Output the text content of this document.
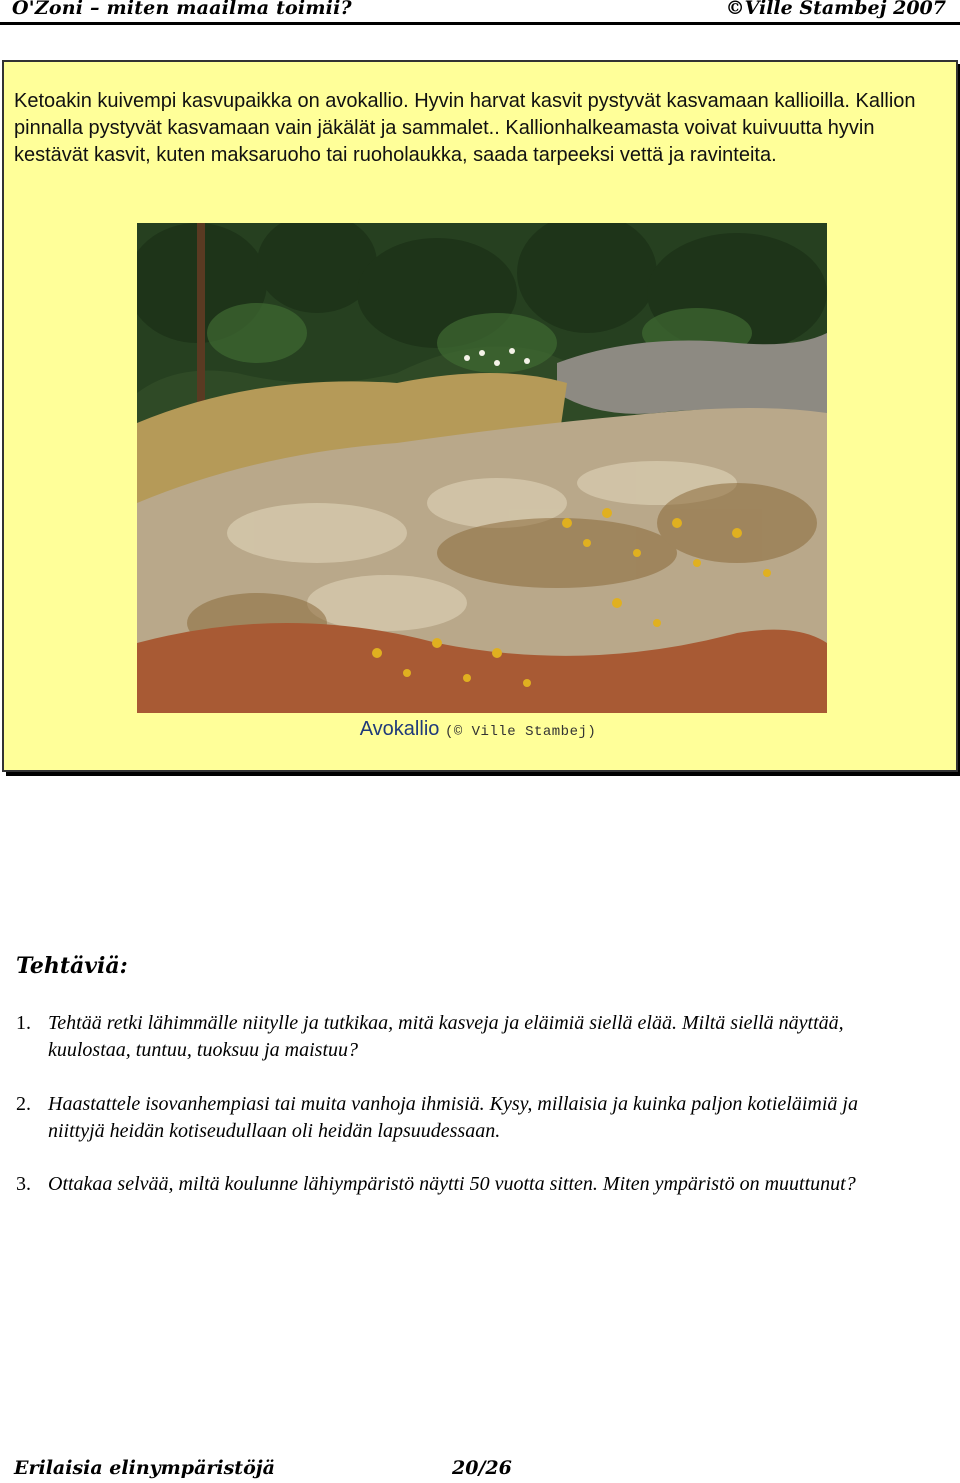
O'Zoni – miten maailma toimii?	©Ville Stambej 2007
Ketoakin kuivempi kasvupaikka on avokallio. Hyvin harvat kasvit pystyvät kasvamaan kallioilla. Kallion pinnalla pystyvät kasvamaan vain jäkälät ja sammalet.. Kallionhalkeamasta voivat kuivuutta hyvin kestävät kasvit, kuten maksaruoho tai ruoholaukka, saada tarpeeksi vettä ja ravinteita.
Avokallio (© Ville Stambej)
Tehtäviä:
1. Tehtää retki lähimmälle niitylle ja tutkikaa, mitä kasveja ja eläimiä siellä elää. Miltä siellä näyttää, kuulostaa, tuntuu, tuoksuu ja maistuu?
2. Haastattele isovanhempiasi tai muita vanhoja ihmisiä. Kysy, millaisia ja kuinka paljon kotieläimiä ja niittyjä heidän kotiseudullaan oli heidän lapsuudessaan.
3. Ottakaa selvää, miltä koulunne lähiympäristö näytti 50 vuotta sitten. Miten ympäristö on muuttunut?
Erilaisia elinympäristöjä	20/26
